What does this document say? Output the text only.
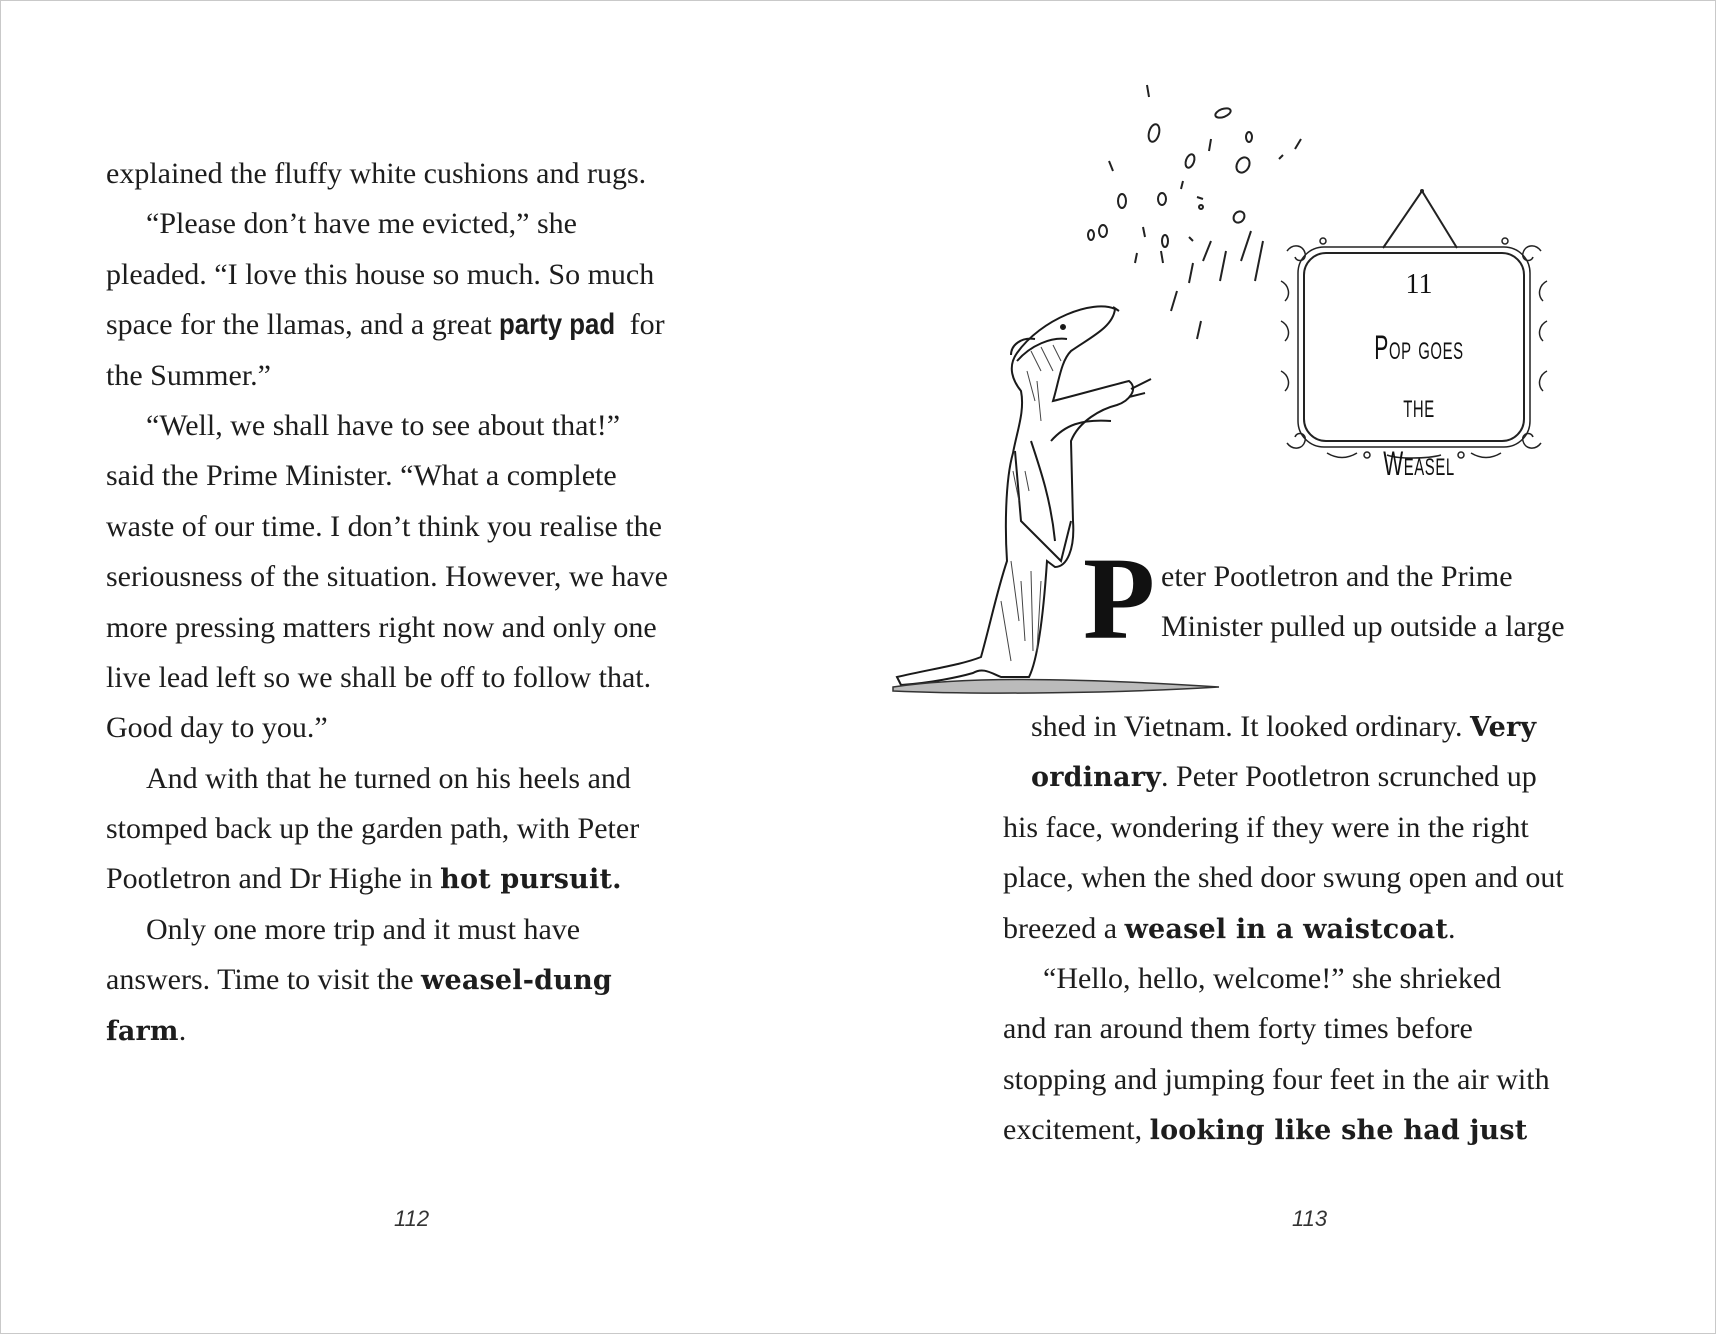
explained the fluffy white cushions and rugs.
“Please don’t have me evicted,” she
pleaded. “I love this house so much. So much
space for the llamas, and a great party pad for
the Summer.”
“Well, we shall have to see about that!”
said the Prime Minister. “What a complete
waste of our time. I don’t think you realise the
seriousness of the situation. However, we have
more pressing matters right now and only one
live lead left so we shall be off to follow that.
Good day to you.”
And with that he turned on his heels and
stomped back up the garden path, with Peter
Pootletron and Dr Highe in hot pursuit.
Only one more trip and it must have
answers. Time to visit the weasel-dung
farm.
112
11
Pop goes the
Weasel
P eter Pootletron and the Prime
Minister pulled up outside a large
shed in Vietnam. It looked ordinary. Very
ordinary. Peter Pootletron scrunched up
his face, wondering if they were in the right
place, when the shed door swung open and out
breezed a weasel in a waistcoat.
“Hello, hello, welcome!” she shrieked
and ran around them forty times before
stopping and jumping four feet in the air with
excitement, looking like she had just
113
